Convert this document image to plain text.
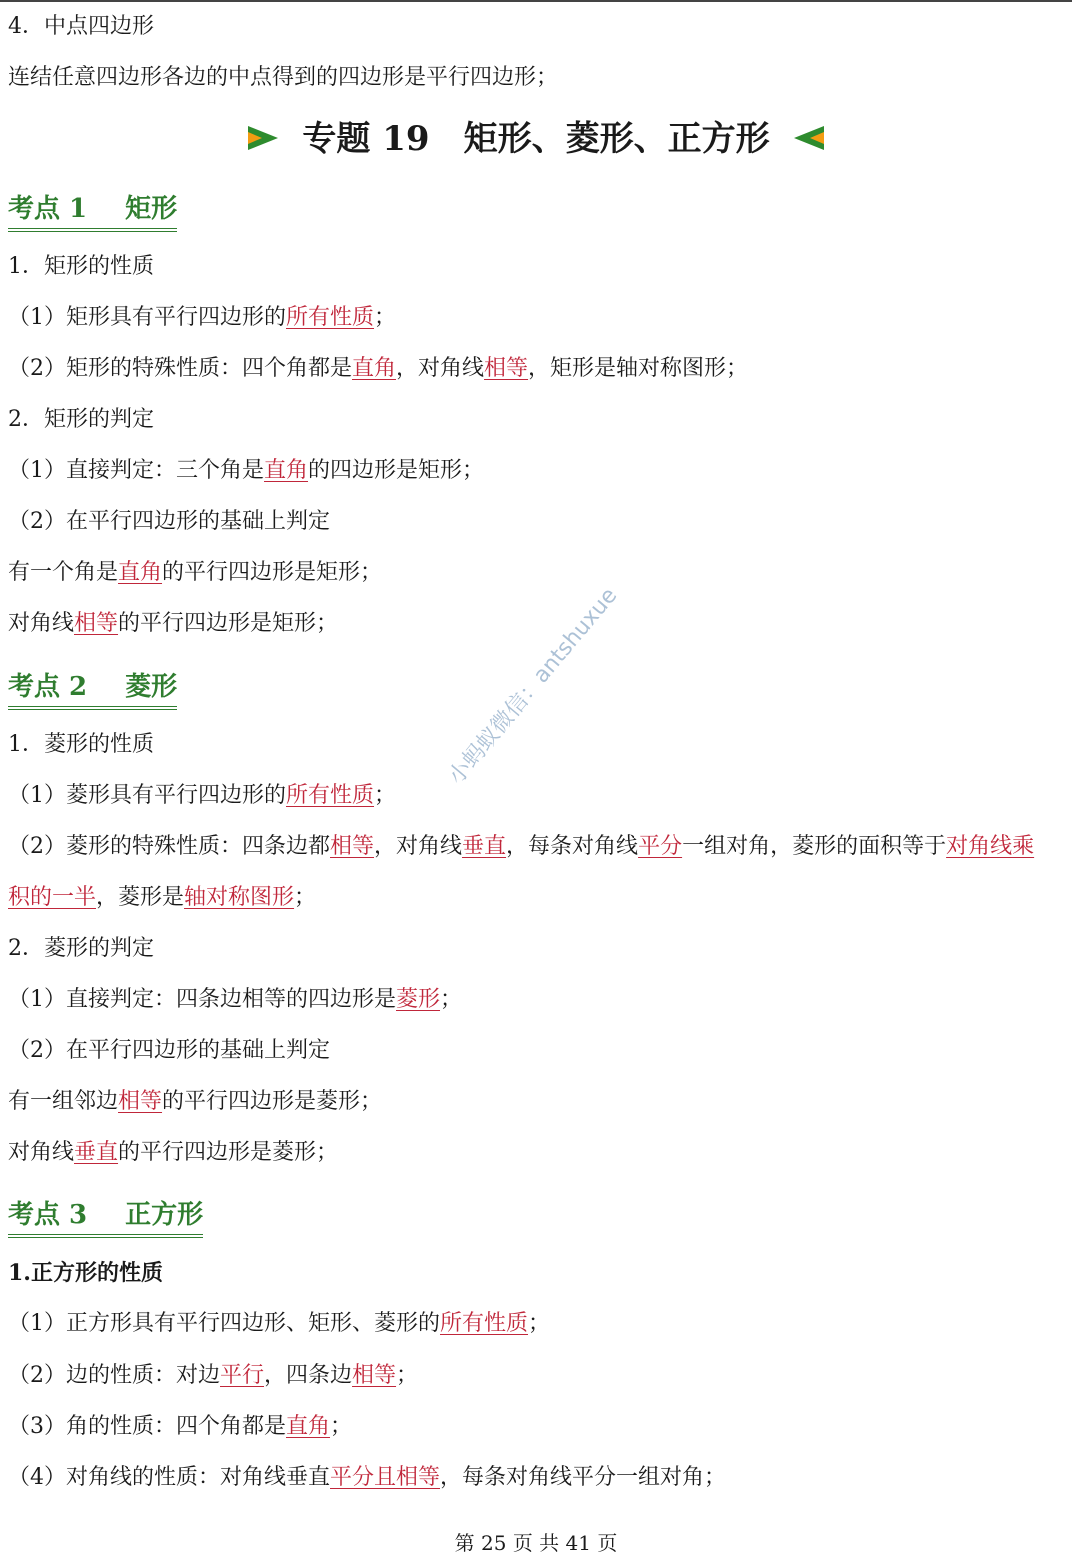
4．中点四边形
连结任意四边形各边的中点得到的四边形是平行四边形；
专题 19 矩形、菱形、正方形
考点 1 矩形
1．矩形的性质
（1）矩形具有平行四边形的所有性质；
（2）矩形的特殊性质：四个角都是直角，对角线相等，矩形是轴对称图形；
2．矩形的判定
（1）直接判定：三个角是直角的四边形是矩形；
（2）在平行四边形的基础上判定
有一个角是直角的平行四边形是矩形；
对角线相等的平行四边形是矩形；
考点 2 菱形
1．菱形的性质
（1）菱形具有平行四边形的所有性质；
（2）菱形的特殊性质：四条边都相等，对角线垂直，每条对角线平分一组对角，菱形的面积等于对角线乘
积的一半，菱形是轴对称图形；
2．菱形的判定
（1）直接判定：四条边相等的四边形是菱形；
（2）在平行四边形的基础上判定
有一组邻边相等的平行四边形是菱形；
对角线垂直的平行四边形是菱形；
考点 3 正方形
1.正方形的性质
（1）正方形具有平行四边形、矩形、菱形的所有性质；
（2）边的性质：对边平行，四条边相等；
（3）角的性质：四个角都是直角；
（4）对角线的性质：对角线垂直平分且相等，每条对角线平分一组对角；
小蚂蚁微信：antshuxue
第 25 页 共 41 页
